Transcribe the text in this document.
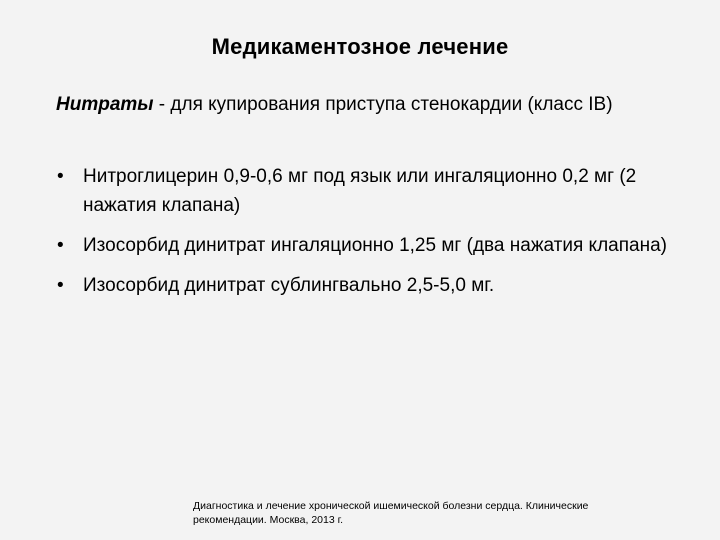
Медикаментозное лечение
Нитраты - для купирования приступа стенокардии (класс IB)
• Нитроглицерин 0,9-0,6 мг под язык или ингаляционно 0,2 мг (2 нажатия клапана)
• Изосорбид динитрат ингаляционно 1,25 мг (два нажатия клапана)
• Изосорбид динитрат сублингвально 2,5-5,0 мг.
Диагностика и лечение хронической ишемической болезни сердца. Клинические рекомендации. Москва, 2013 г.
